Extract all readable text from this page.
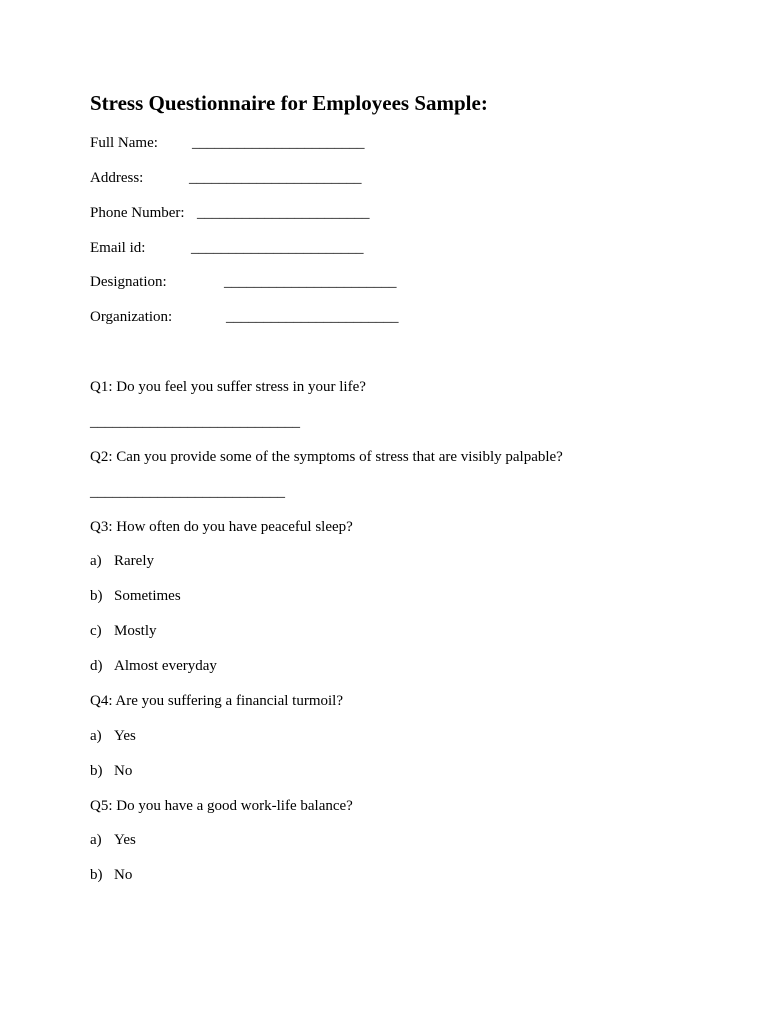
Stress Questionnaire for Employees Sample:
Full Name: _______________________
Address:	_______________________
Phone Number: _______________________
Email id:	_______________________
Designation:	_______________________
Organization:	_______________________
Q1: Do you feel you suffer stress in your life?
____________________________
Q2: Can you provide some of the symptoms of stress that are visibly palpable?
__________________________
Q3: How often do you have peaceful sleep?
a) Rarely
b) Sometimes
c) Mostly
d) Almost everyday
Q4: Are you suffering a financial turmoil?
a) Yes
b) No
Q5: Do you have a good work-life balance?
a) Yes
b) No
